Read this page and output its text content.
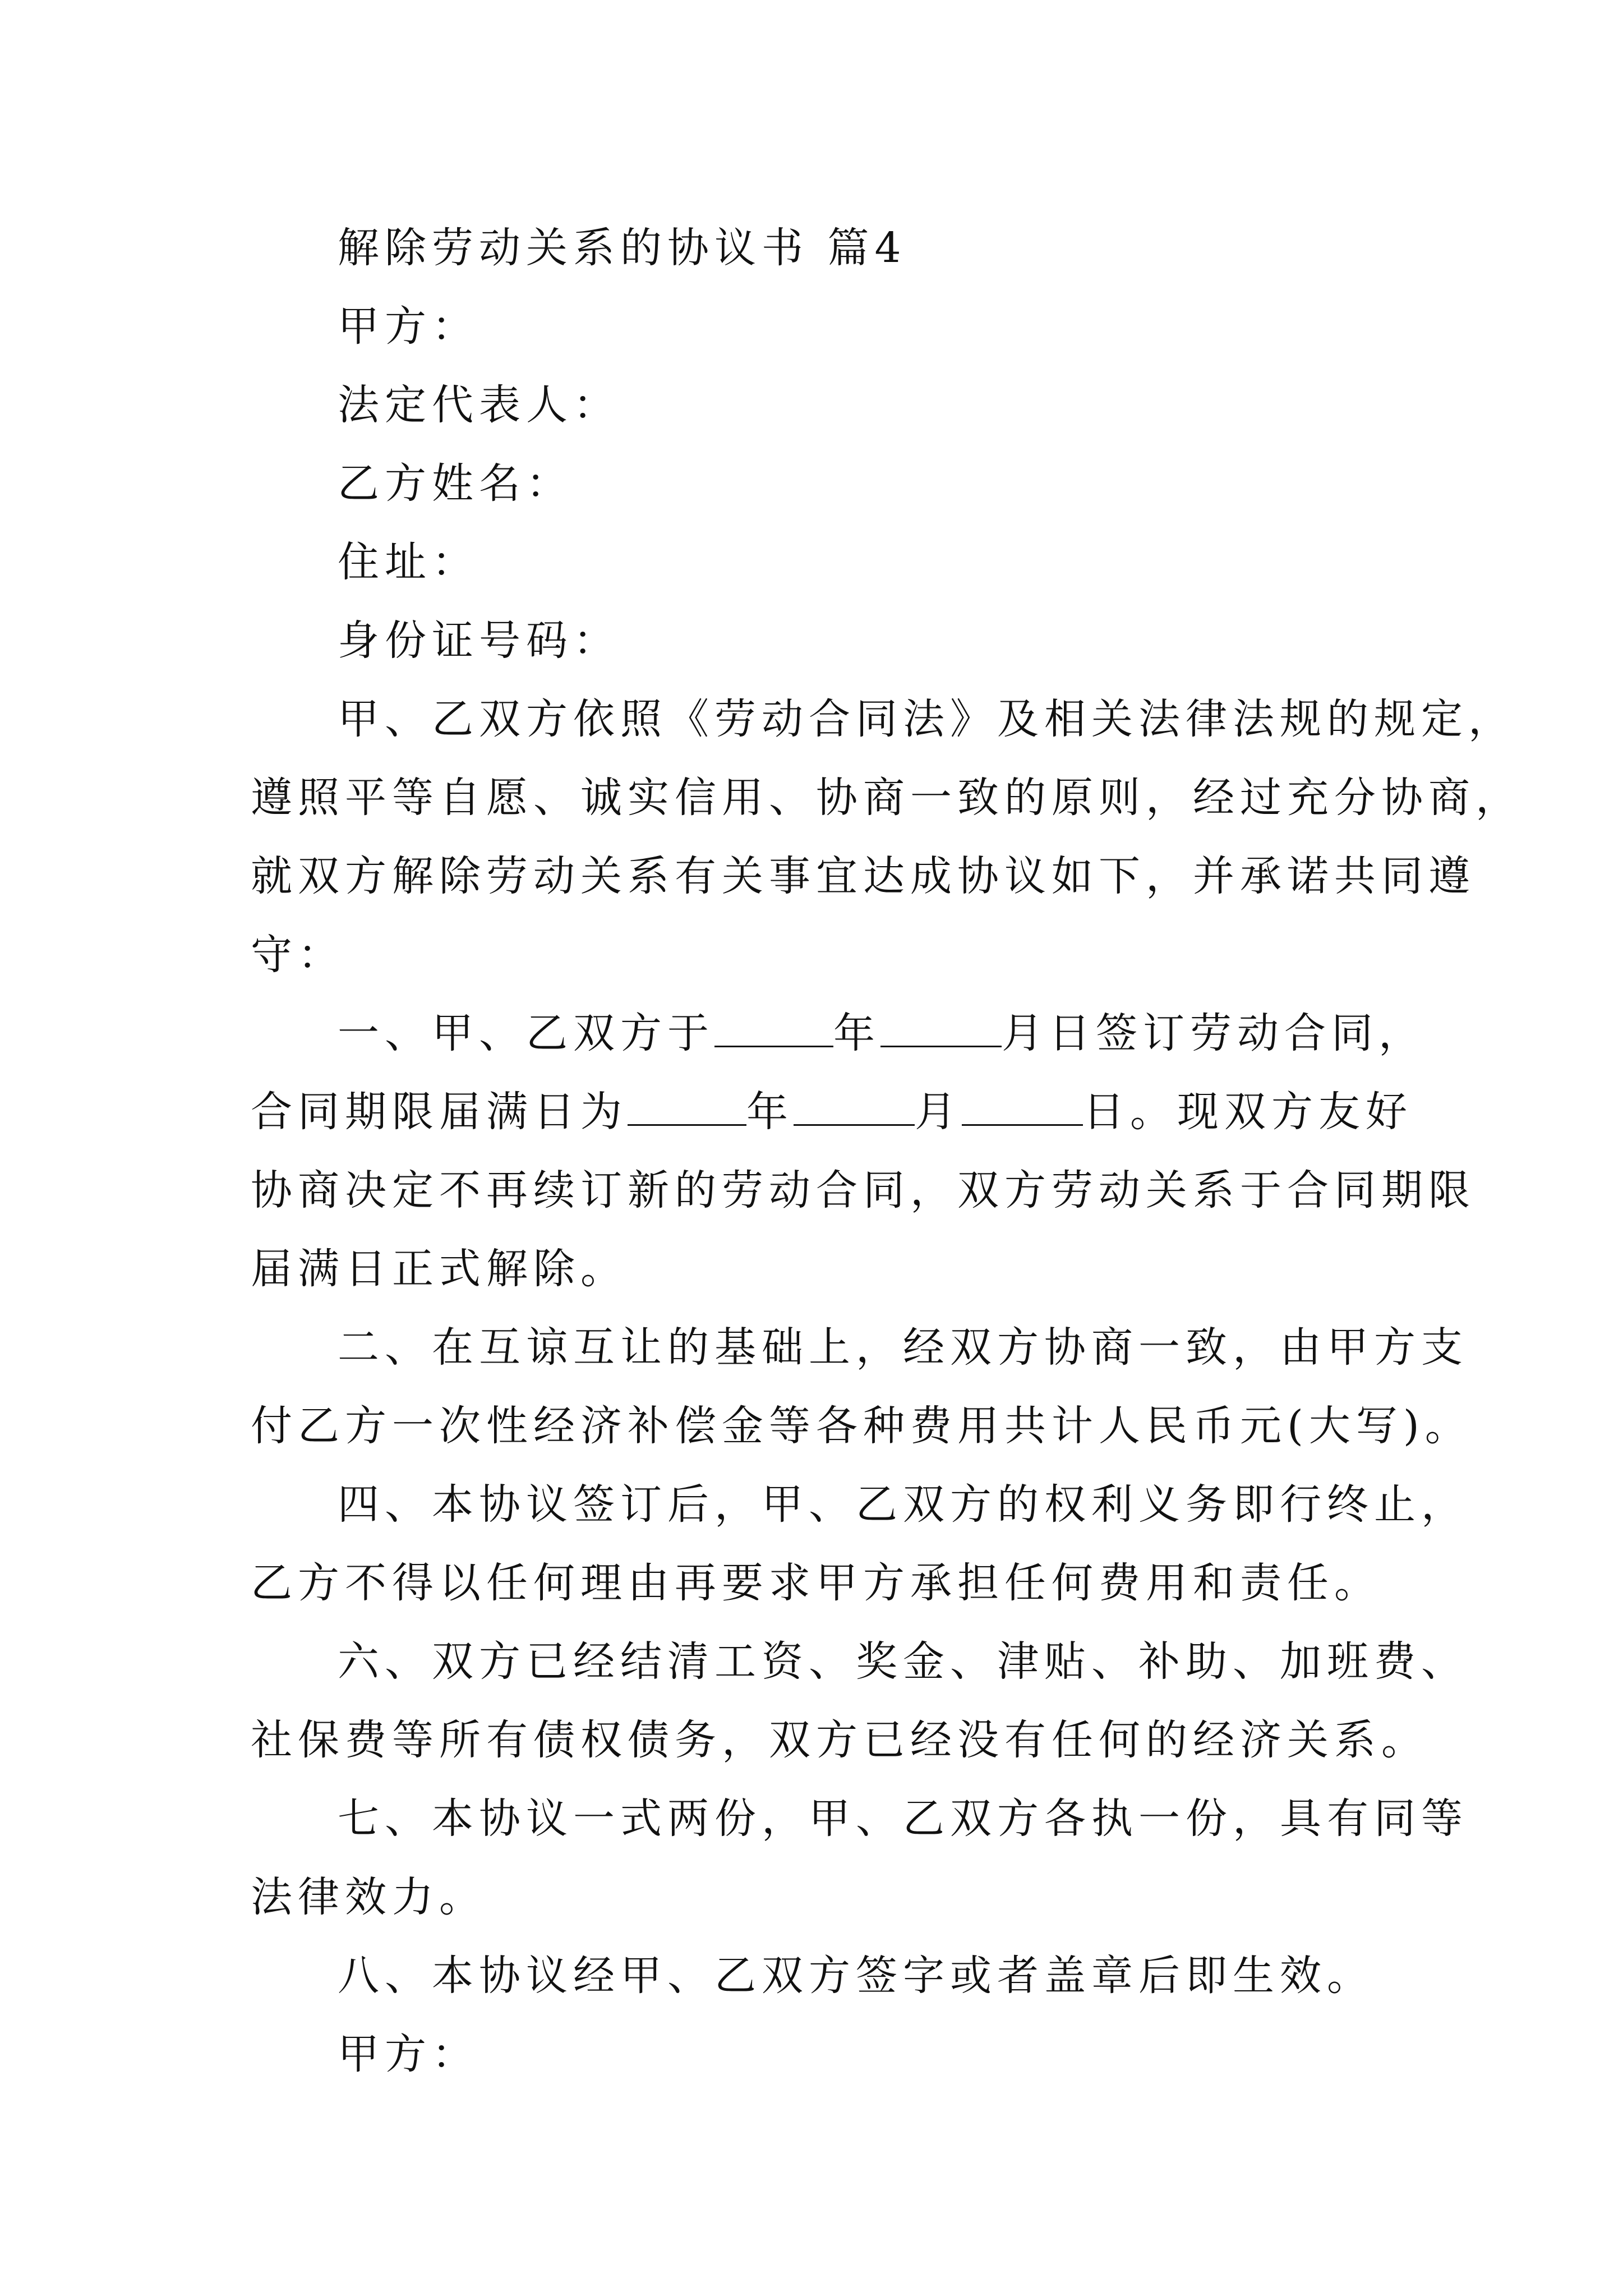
解除劳动关系的协议书 篇4
甲方：
法定代表人：
乙方姓名：
住址：
身份证号码：
甲、乙双方依照《劳动合同法》及相关法律法规的规定，
遵照平等自愿、诚实信用、协商一致的原则，经过充分协商，
就双方解除劳动关系有关事宜达成协议如下，并承诺共同遵
守：
一、甲、乙双方于	年	月日签订劳动合同，
合同期限届满日为	年	月	日。现双方友好
协商决定不再续订新的劳动合同，双方劳动关系于合同期限
届满日正式解除。
二、在互谅互让的基础上，经双方协商一致，由甲方支
付乙方一次性经济补偿金等各种费用共计人民币元(大写)。
四、本协议签订后，甲、乙双方的权利义务即行终止，
乙方不得以任何理由再要求甲方承担任何费用和责任。
六、双方已经结清工资、奖金、津贴、补助、加班费、
社保费等所有债权债务，双方已经没有任何的经济关系。
七、本协议一式两份，甲、乙双方各执一份，具有同等
法律效力。
八、本协议经甲、乙双方签字或者盖章后即生效。
甲方：
